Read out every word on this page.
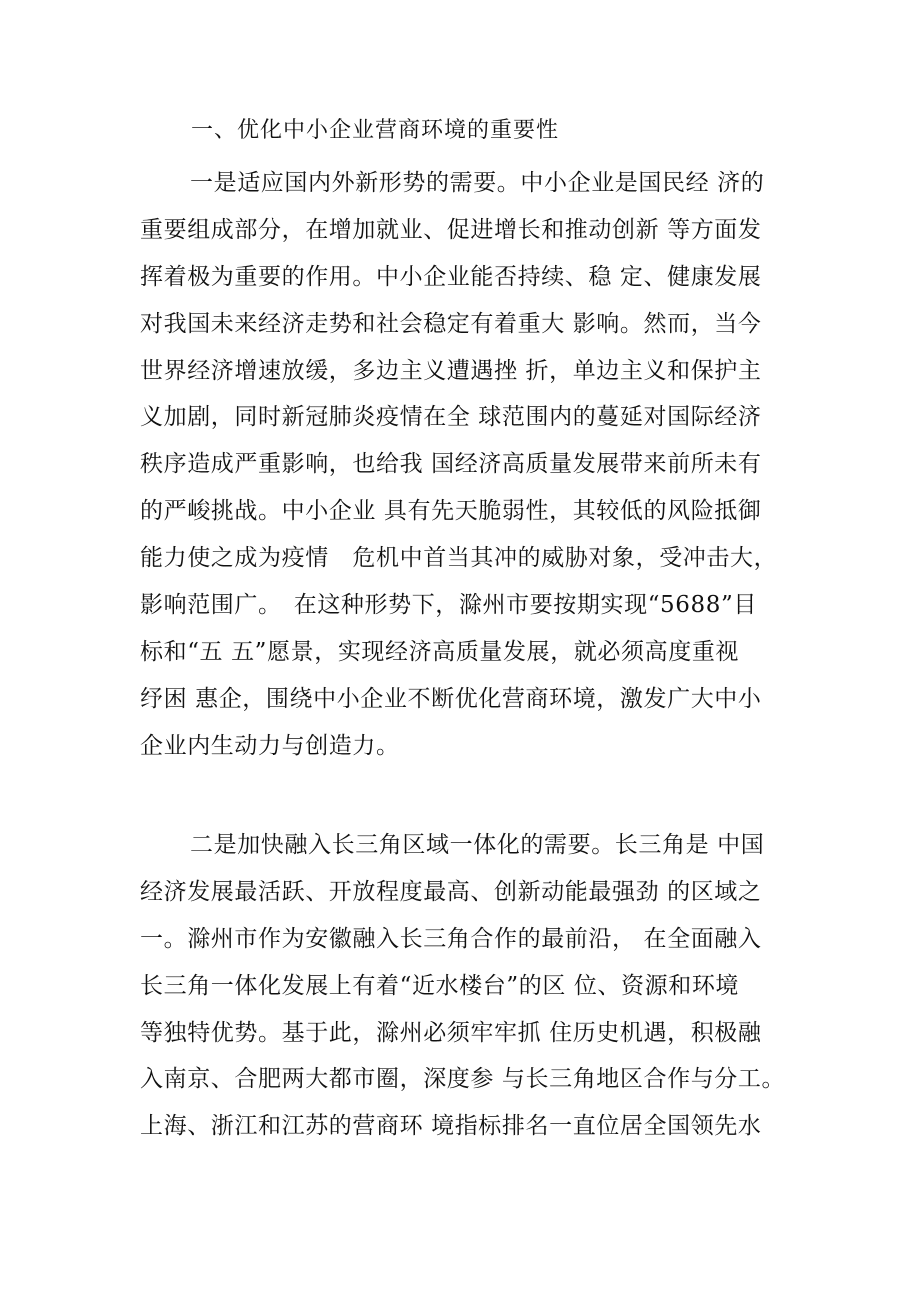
一、优化中小企业营商环境的重要性
一是适应国内外新形势的需要。中小企业是国民经 济的
重要组成部分，在增加就业、促进增长和推动创新 等方面发
挥着极为重要的作用。中小企业能否持续、稳 定、健康发展
对我国未来经济走势和社会稳定有着重大 影响。然而，当今
世界经济增速放缓，多边主义遭遇挫 折，单边主义和保护主
义加剧，同时新冠肺炎疫情在全 球范围内的蔓延对国际经济
秩序造成严重影响，也给我 国经济高质量发展带来前所未有
的严峻挑战。中小企业 具有先天脆弱性，其较低的风险抵御
能力使之成为疫情　危机中首当其冲的威胁对象，受冲击大，
影响范围广。　在这种形势下，滁州市要按期实现“5688”目
标和“五 五”愿景，实现经济高质量发展，就必须高度重视
纾困 惠企，围绕中小企业不断优化营商环境，激发广大中小
企业内生动力与创造力。
二是加快融入长三角区域一体化的需要。长三角是 中国
经济发展最活跃、开放程度最高、创新动能最强劲 的区域之
一。滁州市作为安徽融入长三角合作的最前沿， 在全面融入
长三角一体化发展上有着“近水楼台”的区 位、资源和环境
等独特优势。基于此，滁州必须牢牢抓 住历史机遇，积极融
入南京、合肥两大都市圈，深度参 与长三角地区合作与分工。
上海、浙江和江苏的营商环 境指标排名一直位居全国领先水
